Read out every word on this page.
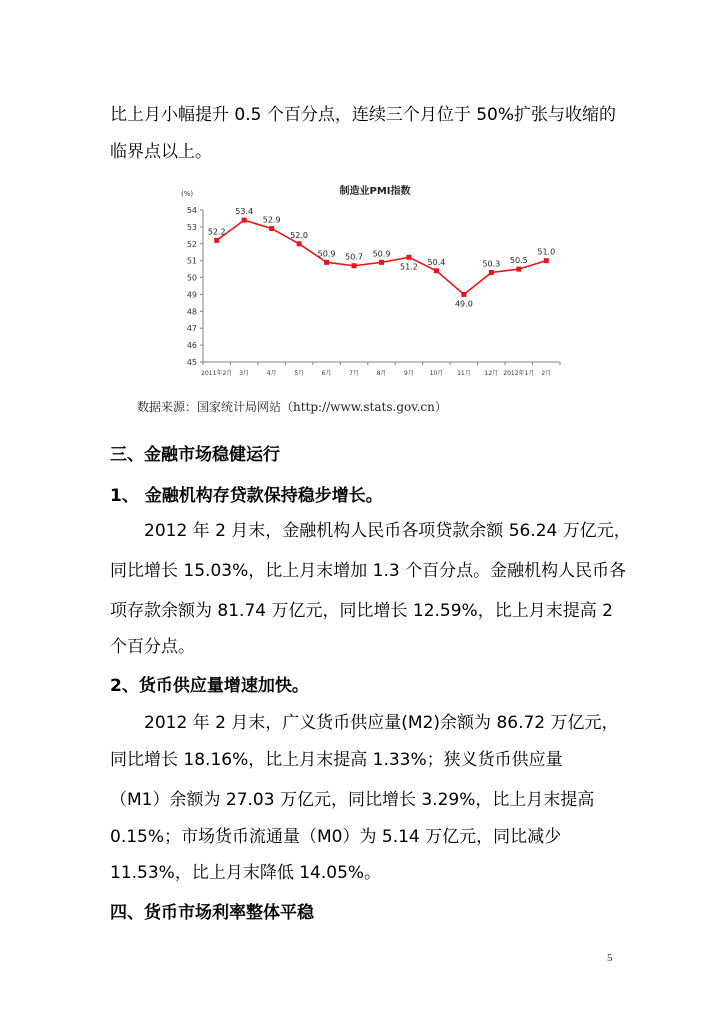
比上月小幅提升 0.5 个百分点，连续三个月位于 50%扩张与收缩的
临界点以上。
制造业PMI指数
(%)
45
46
47
48
49
50
51
52
53
54
2011年2月 3月	4月	5月	6月	7月	8月	9月	10月 11月 12月 2012年1月 2月
52.2
53.4
52.9
52.0
50.9 50.7 50.9
51.2 50.4
49.0
50.3 50.5
51.0
数据来源：国家统计局网站（http://www.stats.gov.cn）
三、金融市场稳健运行
1、 金融机构存贷款保持稳步增长。
　　2012 年 2 月末，金融机构人民币各项贷款余额 56.24 万亿元，
同比增长 15.03%，比上月末增加 1.3 个百分点。金融机构人民币各
项存款余额为 81.74 万亿元，同比增长 12.59%，比上月末提高 2
个百分点。
2、货币供应量增速加快。
　　2012 年 2 月末，广义货币供应量(M2)余额为 86.72 万亿元，
同比增长 18.16%，比上月末提高 1.33%；狭义货币供应量
（M1）余额为 27.03 万亿元，同比增长 3.29%，比上月末提高
0.15%；市场货币流通量（M0）为 5.14 万亿元，同比减少
11.53%，比上月末降低 14.05%。
四、货币市场利率整体平稳
5
